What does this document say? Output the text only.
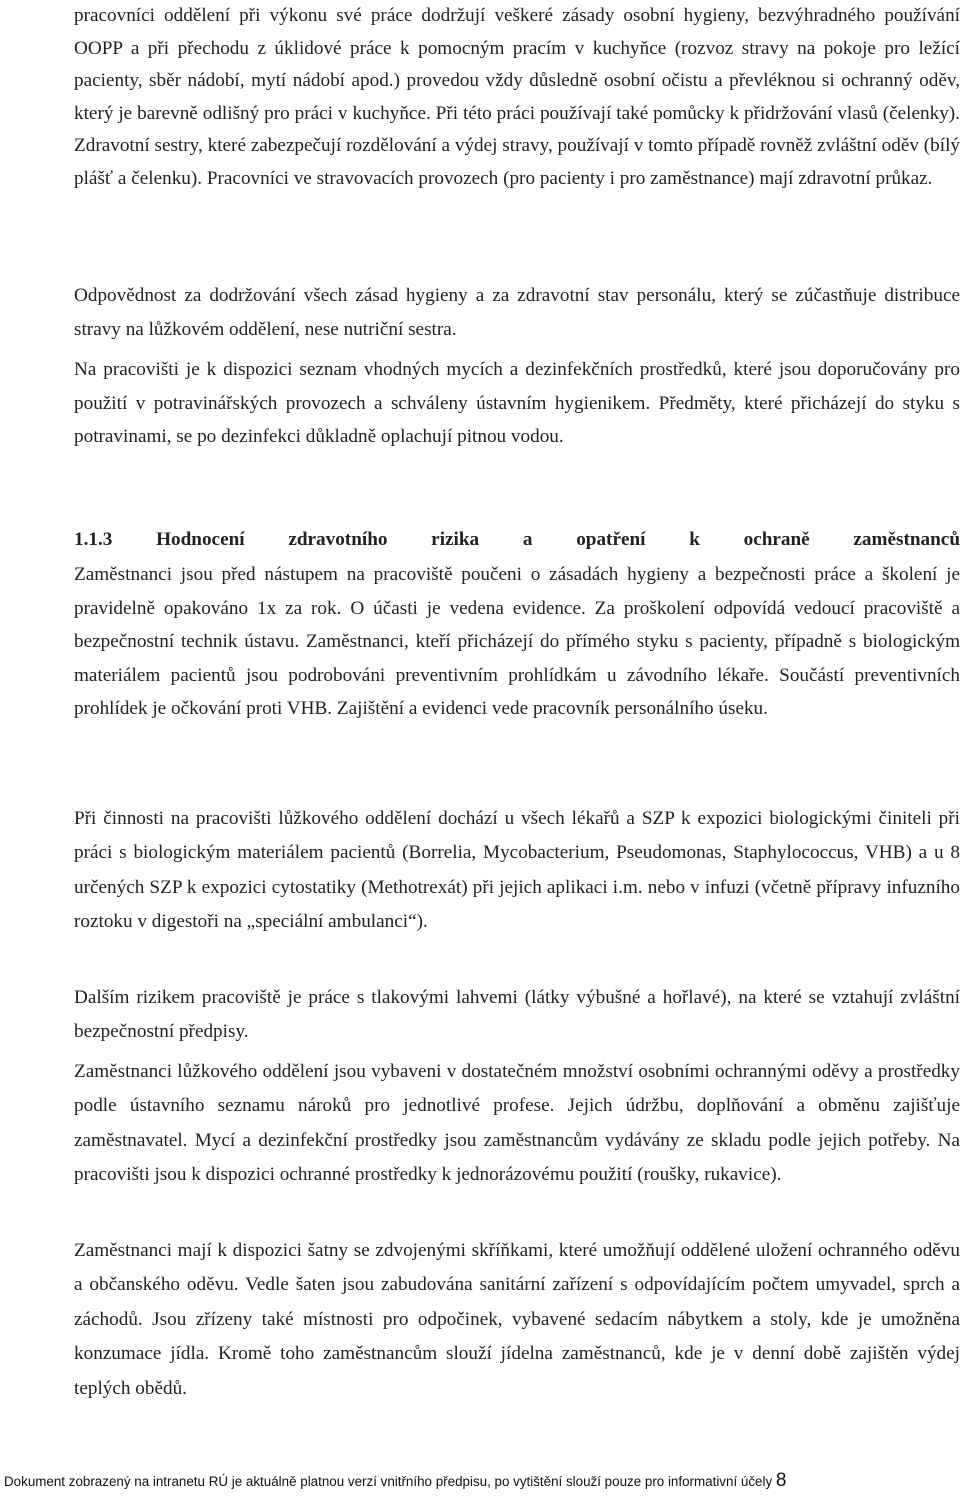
pracovníci oddělení při výkonu své práce dodržují veškeré zásady osobní hygieny, bezvýhradného používání OOPP a při přechodu z úklidové práce k pomocným pracím v kuchyňce (rozvoz stravy na pokoje pro ležící pacienty, sběr nádobí, mytí nádobí apod.) provedou vždy důsledně osobní očistu a převléknou si ochranný oděv, který je barevně odlišný pro práci v kuchyňce. Při této práci používají také pomůcky k přidržování vlasů (čelenky). Zdravotní sestry, které zabezpečují rozdělování a výdej stravy, používají v tomto případě rovněž zvláštní oděv (bílý plášť a čelenku). Pracovníci ve stravovacích provozech (pro pacienty i pro zaměstnance) mají zdravotní průkaz.

Odpovědnost za dodržování všech zásad hygieny a za zdravotní stav personálu, který se zúčastňuje distribuce stravy na lůžkovém oddělení, nese nutriční sestra.

Na pracovišti je k dispozici seznam vhodných mycích a dezinfekčních prostředků, které jsou doporučovány pro použití v potravinářských provozech a schváleny ústavním hygienikem. Předměty, které přicházejí do styku s potravinami, se po dezinfekci důkladně oplachují pitnou vodou.

1.1.3 Hodnocení zdravotního rizika a opatření k ochraně zaměstnanců

Zaměstnanci jsou před nástupem na pracoviště poučeni o zásadách hygieny a bezpečnosti práce a školení je pravidelně opakováno 1x za rok. O účasti je vedena evidence. Za proškolení odpovídá vedoucí pracoviště a bezpečnostní technik ústavu. Zaměstnanci, kteří přicházejí do přímého styku s pacienty, případně s biologickým materiálem pacientů jsou podrobováni preventivním prohlídkám u závodního lékaře. Součástí preventivních prohlídek je očkování proti VHB. Zajištění a evidenci vede pracovník personálního úseku.

Při činnosti na pracovišti lůžkového oddělení dochází u všech lékařů a SZP k expozici biologickými činiteli při práci s biologickým materiálem pacientů (Borrelia, Mycobacterium, Pseudomonas, Staphylococcus, VHB) a u 8 určených SZP k expozici cytostatiky (Methotrexát) při jejich aplikaci i.m. nebo v infuzi (včetně přípravy infuzního roztoku v digestoři na „speciální ambulanci“).

Dalším rizikem pracoviště je práce s tlakovými lahvemi (látky výbušné a hořlavé), na které se vztahují zvláštní bezpečnostní předpisy.

Zaměstnanci lůžkového oddělení jsou vybaveni v dostatečném množství osobními ochrannými oděvy a prostředky podle ústavního seznamu nároků pro jednotlivé profese. Jejich údržbu, doplňování a obměnu zajišťuje zaměstnavatel. Mycí a dezinfekční prostředky jsou zaměstnancům vydávány ze skladu podle jejich potřeby. Na pracovišti jsou k dispozici ochranné prostředky k jednorázovému použití (roušky, rukavice).

Zaměstnanci mají k dispozici šatny se zdvojenými skříňkami, které umožňují oddělené uložení ochranného oděvu a občanského oděvu. Vedle šaten jsou zabudována sanitární zařízení s odpovídajícím počtem umyvadel, sprch a záchodů. Jsou zřízeny také místnosti pro odpočinek, vybavené sedacím nábytkem a stoly, kde je umožněna konzumace jídla. Kromě toho zaměstnancům slouží jídelna zaměstnanců, kde je v denní době zajištěn výdej teplých obědů.

Dokument zobrazený na intranetu RÚ je aktuálně platnou verzí vnitřního předpisu, po vytištění slouží pouze pro informativní účely 8
